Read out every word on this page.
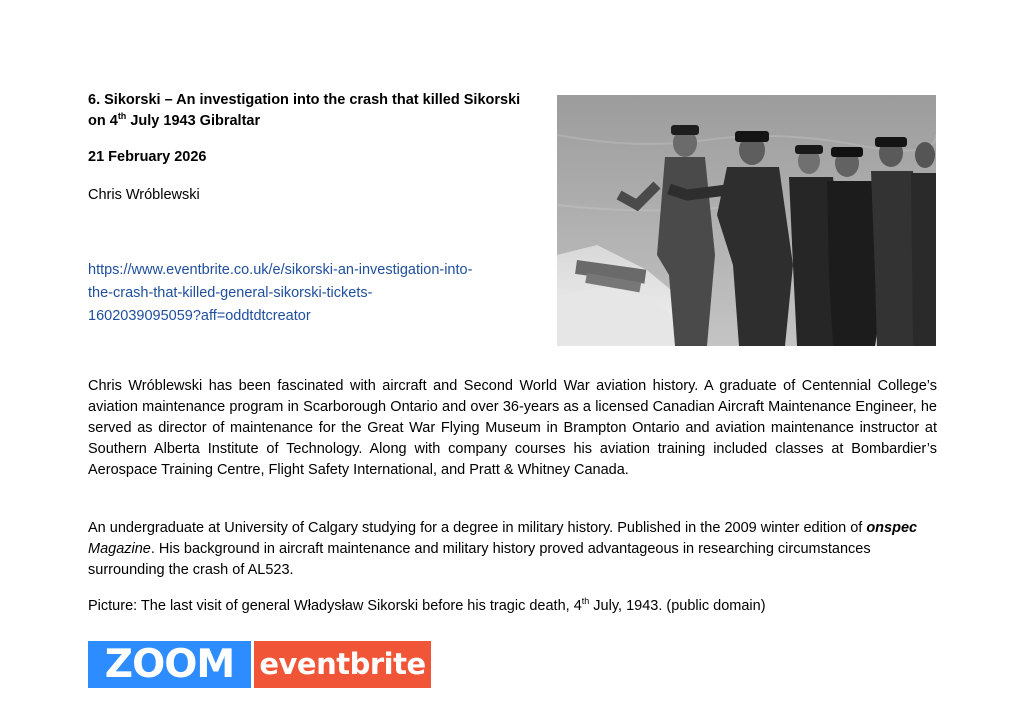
6. Sikorski – An investigation into the crash that killed Sikorski
on 4th July 1943 Gibraltar
21 February 2026
Chris Wróblewski
https://www.eventbrite.co.uk/e/sikorski-an-investigation-into-
the-crash-that-killed-general-sikorski-tickets-
1602039095059?aff=oddtdtcreator

Chris Wróblewski has been fascinated with aircraft and Second World War aviation history. A graduate of Centennial College’s aviation maintenance program in Scarborough Ontario and over 36-years as a licensed Canadian Aircraft Maintenance Engineer, he served as director of maintenance for the Great War Flying Museum in Brampton Ontario and aviation maintenance instructor at Southern Alberta Institute of Technology. Along with company courses his aviation training included classes at Bombardier’s Aerospace Training Centre, Flight Safety International, and Pratt & Whitney Canada.

An undergraduate at University of Calgary studying for a degree in military history. Published in the 2009 winter edition of onspec Magazine. His background in aircraft maintenance and military history proved advantageous in researching circumstances surrounding the crash of AL523.

Picture: The last visit of general Władysław Sikorski before his tragic death, 4th July, 1943. (public domain)

ZOOM eventbrite
